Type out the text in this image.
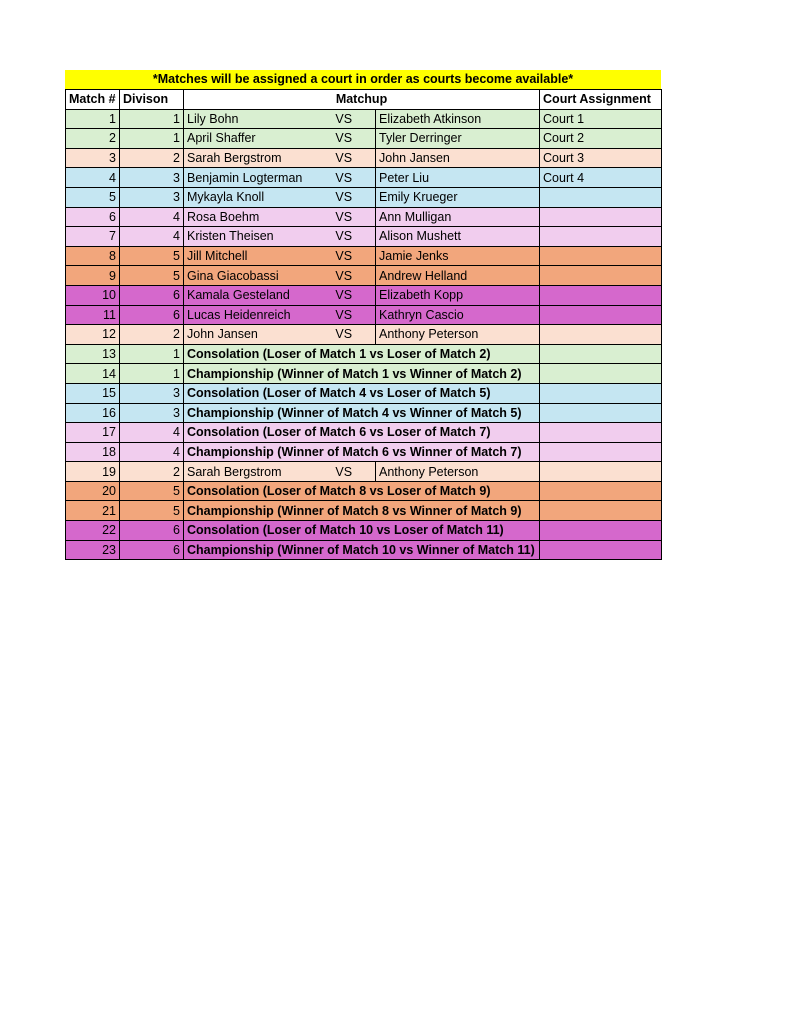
*Matches will be assigned a court in order as courts become available*
Match #	Divison	Matchup			Court Assignment
1	1	Lily Bohn	VS	Elizabeth Atkinson	Court 1
2	1	April Shaffer	VS	Tyler Derringer	Court 2
3	2	Sarah Bergstrom	VS	John Jansen	Court 3
4	3	Benjamin Logterman	VS	Peter Liu	Court 4
5	3	Mykayla Knoll	VS	Emily Krueger	
6	4	Rosa Boehm	VS	Ann Mulligan	
7	4	Kristen Theisen	VS	Alison Mushett	
8	5	Jill Mitchell	VS	Jamie Jenks	
9	5	Gina Giacobassi	VS	Andrew Helland	
10	6	Kamala Gesteland	VS	Elizabeth Kopp	
11	6	Lucas Heidenreich	VS	Kathryn Cascio	
12	2	John Jansen	VS	Anthony Peterson	
13	1	Consolation (Loser of Match 1 vs Loser of Match 2)			
14	1	Championship (Winner of Match 1 vs Winner of Match 2)			
15	3	Consolation (Loser of Match 4 vs Loser of Match 5)			
16	3	Championship (Winner of Match 4 vs Winner of Match 5)			
17	4	Consolation (Loser of Match 6 vs Loser of Match 7)			
18	4	Championship (Winner of Match 6 vs Winner of Match 7)			
19	2	Sarah Bergstrom	VS	Anthony Peterson	
20	5	Consolation (Loser of Match 8 vs Loser of Match 9)			
21	5	Championship (Winner of Match 8 vs Winner of Match 9)			
22	6	Consolation (Loser of Match 10 vs Loser of Match 11)			
23	6	Championship (Winner of Match 10 vs Winner of Match 11)			
